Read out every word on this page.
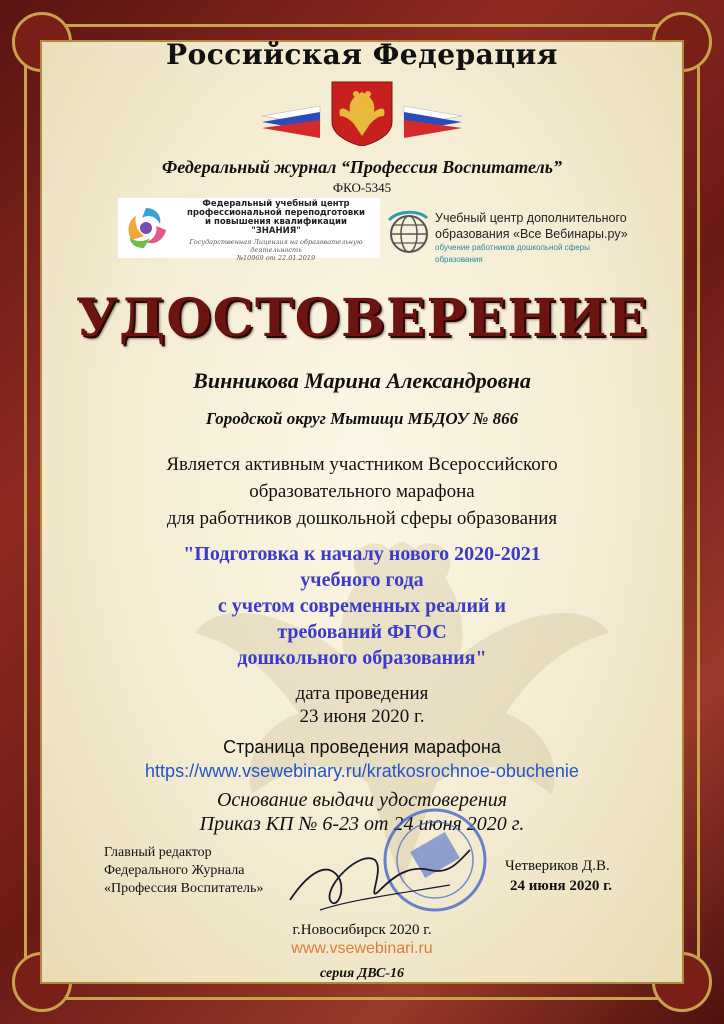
Российская Федерация
Федеральный журнал “Профессия Воспитатель”
ФКО-5345
Федеральный учебный центр
профессиональной переподготовки
и повышения квалификации
"ЗНАНИЯ"
Государственная Лицензия на образовательную деятельность
№10969 от 22.01.2019
Учебный центр дополнительного
образования «Все Вебинары.ру»
обучение работников дошкольной сферы образования
УДОСТОВЕРЕНИЕ
Винникова Марина Александровна
Городской округ Мытищи МБДОУ № 866
Является активным участником Всероссийского
образовательного марафона
для работников дошкольной сферы образования
"Подготовка к началу нового 2020-2021
учебного года
с учетом современных реалий и
требований ФГОС
дошкольного образования"
дата проведения
23 июня 2020 г.
Страница проведения марафона
https://www.vsewebinary.ru/kratkosrochnoe-obuchenie
Основание выдачи удостоверения
Приказ КП № 6-23 от 24 июня 2020 г.
Главный редактор
Федерального Журнала
«Профессия Воспитатель»
Четвериков Д.В.
24 июня 2020 г.
г.Новосибирск 2020 г.
www.vsewebinari.ru
серия ДВС-16
